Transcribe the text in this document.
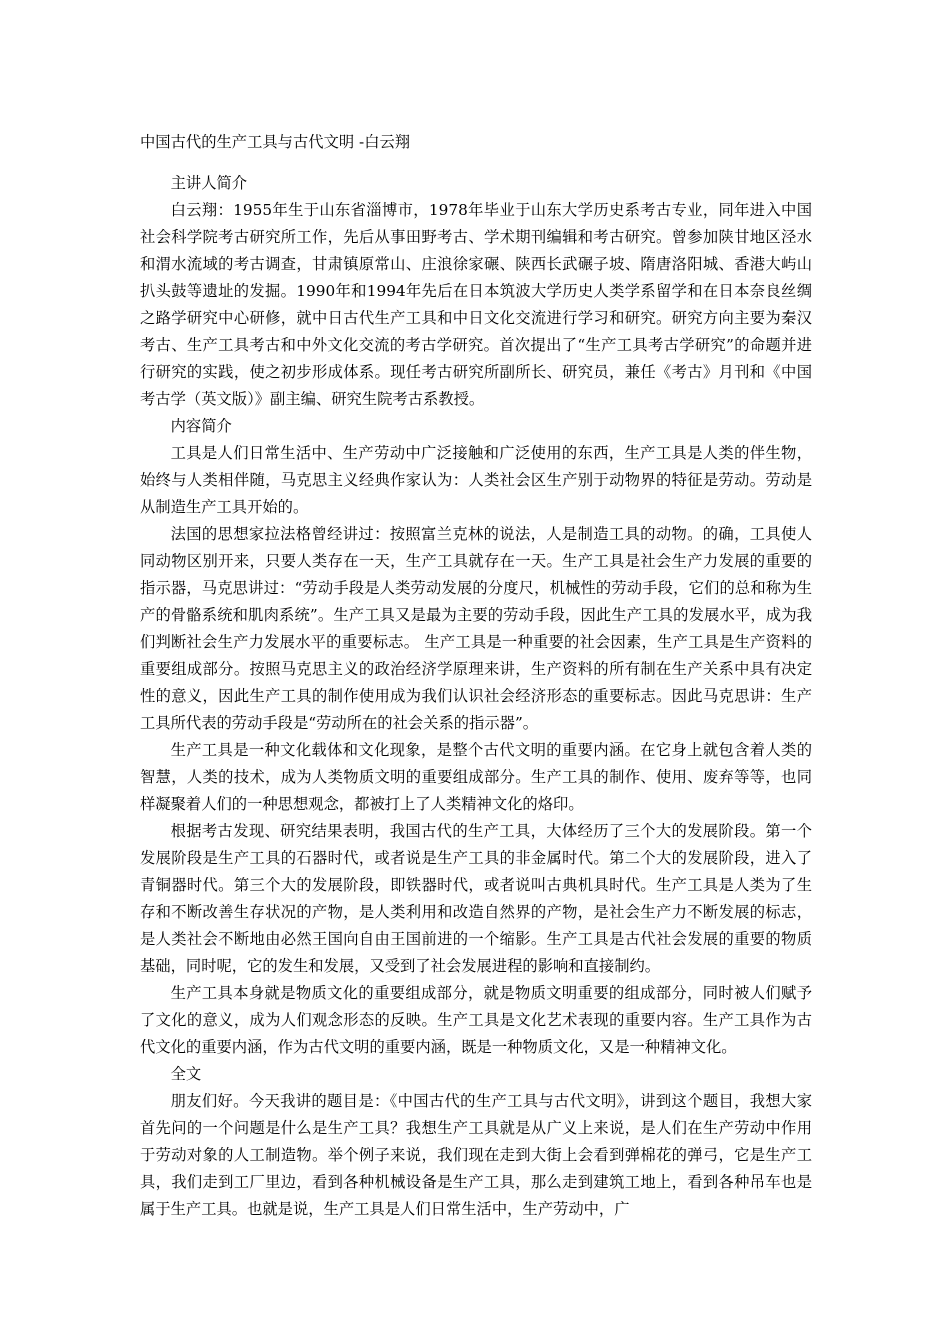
中国古代的生产工具与古代文明 -白云翔
主讲人简介

白云翔：1955年生于山东省淄博市，1978年毕业于山东大学历史系考古专业，同年进入中国社会科学院考古研究所工作，先后从事田野考古、学术期刊编辑和考古研究。曾参加陕甘地区泾水和渭水流域的考古调查，甘肃镇原常山、庄浪徐家碾、陕西长武碾子坡、隋唐洛阳城、香港大屿山扒头鼓等遗址的发掘。1990年和1994年先后在日本筑波大学历史人类学系留学和在日本奈良丝绸之路学研究中心研修，就中日古代生产工具和中日文化交流进行学习和研究。研究方向主要为秦汉考古、生产工具考古和中外文化交流的考古学研究。首次提出了“生产工具考古学研究”的命题并进行研究的实践，使之初步形成体系。现任考古研究所副所长、研究员，兼任《考古》月刊和《中国考古学（英文版）》副主编、研究生院考古系教授。

内容简介

工具是人们日常生活中、生产劳动中广泛接触和广泛使用的东西，生产工具是人类的伴生物，始终与人类相伴随，马克思主义经典作家认为：人类社会区生产别于动物界的特征是劳动。劳动是从制造生产工具开始的。

法国的思想家拉法格曾经讲过：按照富兰克林的说法，人是制造工具的动物。的确，工具使人同动物区别开来，只要人类存在一天，生产工具就存在一天。生产工具是社会生产力发展的重要的指示器，马克思讲过：“劳动手段是人类劳动发展的分度尺，机械性的劳动手段，它们的总和称为生产的骨骼系统和肌肉系统”。生产工具又是最为主要的劳动手段，因此生产工具的发展水平，成为我们判断社会生产力发展水平的重要标志。 生产工具是一种重要的社会因素，生产工具是生产资料的重要组成部分。按照马克思主义的政治经济学原理来讲，生产资料的所有制在生产关系中具有决定性的意义，因此生产工具的制作使用成为我们认识社会经济形态的重要标志。因此马克思讲：生产工具所代表的劳动手段是“劳动所在的社会关系的指示器”。

生产工具是一种文化载体和文化现象，是整个古代文明的重要内涵。在它身上就包含着人类的智慧，人类的技术，成为人类物质文明的重要组成部分。生产工具的制作、使用、废弃等等，也同样凝聚着人们的一种思想观念，都被打上了人类精神文化的烙印。

根据考古发现、研究结果表明，我国古代的生产工具，大体经历了三个大的发展阶段。第一个发展阶段是生产工具的石器时代，或者说是生产工具的非金属时代。第二个大的发展阶段，进入了青铜器时代。第三个大的发展阶段，即铁器时代，或者说叫古典机具时代。生产工具是人类为了生存和不断改善生存状况的产物，是人类利用和改造自然界的产物，是社会生产力不断发展的标志，是人类社会不断地由必然王国向自由王国前进的一个缩影。生产工具是古代社会发展的重要的物质基础，同时呢，它的发生和发展，又受到了社会发展进程的影响和直接制约。

生产工具本身就是物质文化的重要组成部分，就是物质文明重要的组成部分，同时被人们赋予了文化的意义，成为人们观念形态的反映。生产工具是文化艺术表现的重要内容。生产工具作为古代文化的重要内涵，作为古代文明的重要内涵，既是一种物质文化，又是一种精神文化。

全文

朋友们好。今天我讲的题目是：《中国古代的生产工具与古代文明》，讲到这个题目，我想大家首先问的一个问题是什么是生产工具？我想生产工具就是从广义上来说，是人们在生产劳动中作用于劳动对象的人工制造物。举个例子来说，我们现在走到大街上会看到弹棉花的弹弓，它是生产工具，我们走到工厂里边，看到各种机械设备是生产工具，那么走到建筑工地上，看到各种吊车也是属于生产工具。也就是说，生产工具是人们日常生活中，生产劳动中，广
